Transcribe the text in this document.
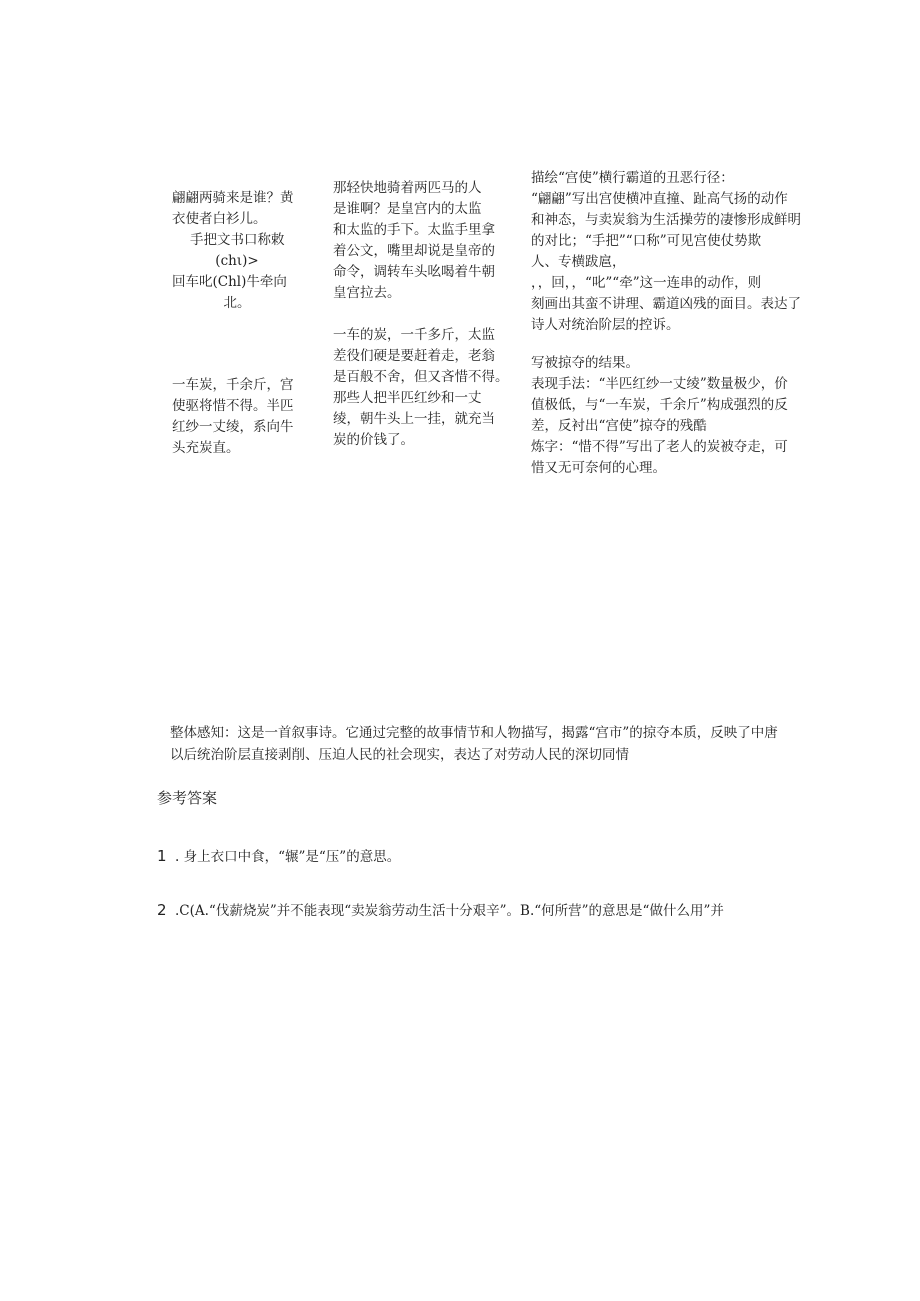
翩翩两骑来是谁？黄
衣使者白衫儿。
手把文书口称敕
(chι)>
回车叱(Chl)牛牵向
北。
一车炭，千余斤，宫
使驱将惜不得。半匹
红纱一丈绫，系向牛
头充炭直。
那轻快地骑着两匹马的人
是谁啊？是皇宫内的太监
和太监的手下。太监手里拿
着公文，嘴里却说是皇帝的
命令，调转车头吆喝着牛朝
皇宫拉去。
一车的炭，一千多斤，太监
差役们硬是要赶着走，老翁
是百般不舍，但又吝惜不得。
那些人把半匹红纱和一丈
绫，朝牛头上一挂，就充当
炭的价钱了。
描绘“宫使”横行霸道的丑恶行径：
“翩翩”写出宫使横冲直撞、趾高气扬的动作
和神态，与卖炭翁为生活操劳的凄惨形成鲜明
的对比；“手把”“口称”可见宫使仗势欺
人、专横跋扈，
，，回，，“叱”“牵”这一连串的动作，则
刻画出其蛮不讲理、霸道凶残的面目。表达了
诗人对统治阶层的控诉。
写被掠夺的结果。
表现手法：“半匹红纱一丈绫”数量极少，价
值极低，与“一车炭，千余斤”构成强烈的反
差，反衬出“宫使”掠夺的残酷
炼字：“惜不得”写出了老人的炭被夺走，可
惜又无可奈何的心理。
整体感知：这是一首叙事诗。它通过完整的故事情节和人物描写，揭露“宫市”的掠夺本质，反映了中唐
以后统治阶层直接剥削、压迫人民的社会现实，表达了对劳动人民的深切同情
参考答案
1 . 身上衣口中食，“辗”是“压”的意思。
2 .C(A.“伐薪烧炭”并不能表现“卖炭翁劳动生活十分艰辛”。B.“何所营”的意思是“做什么用”并
